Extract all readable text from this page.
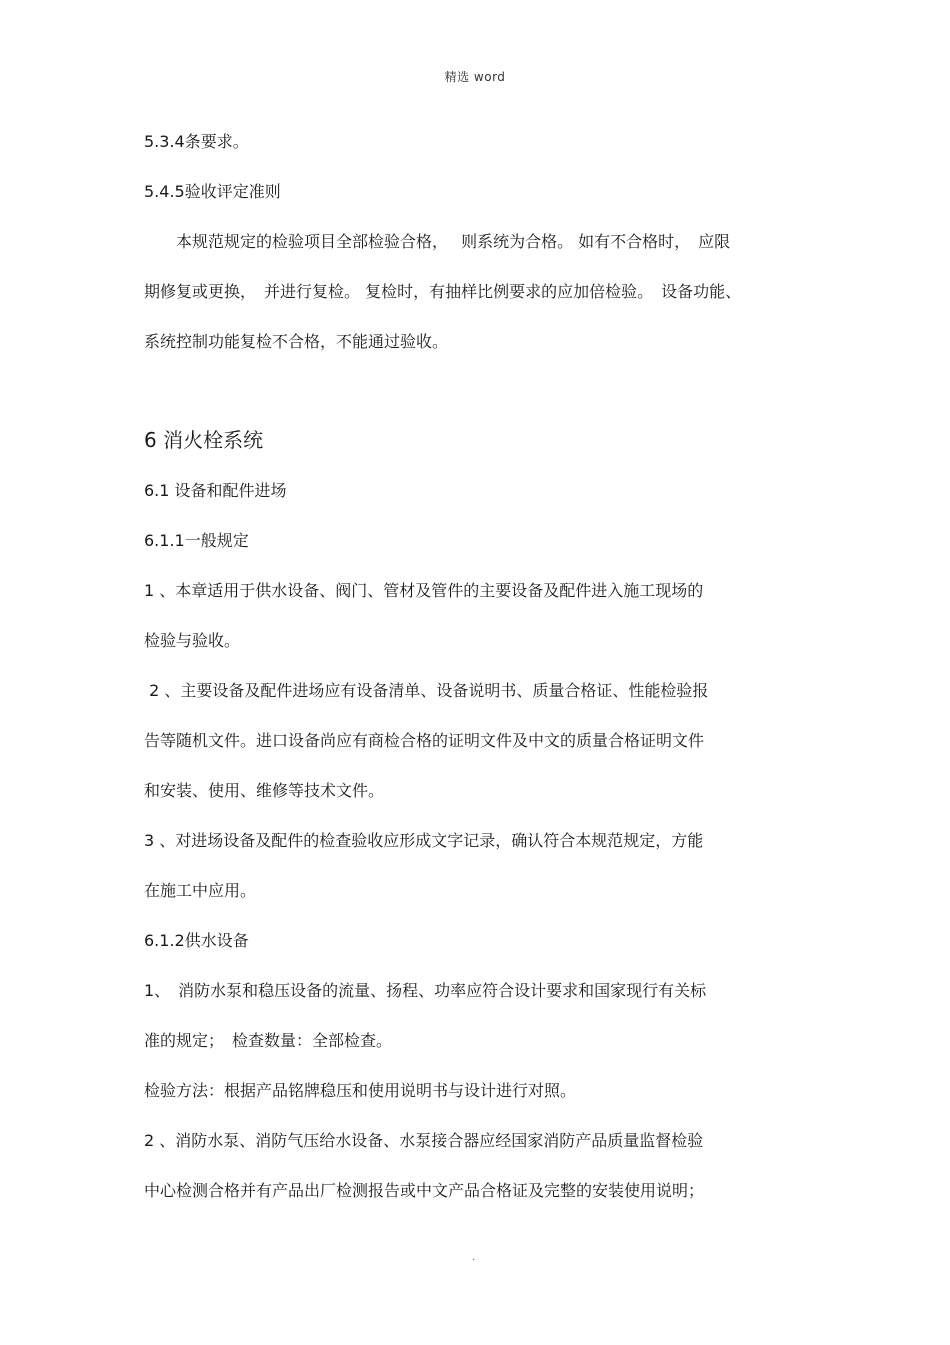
精选 word
5.3.4条要求。
5.4.5验收评定准则
　　本规范规定的检验项目全部检验合格，　 则系统为合格。 如有不合格时，　应限
期修复或更换，　并进行复检。 复检时，有抽样比例要求的应加倍检验。　设备功能、
系统控制功能复检不合格，不能通过验收。
6 消火栓系统
6.1 设备和配件进场
6.1.1一般规定
1 、本章适用于供水设备、阀门、管材及管件的主要设备及配件进入施工现场的
检验与验收。
2 、主要设备及配件进场应有设备清单、设备说明书、质量合格证、性能检验报
告等随机文件。进口设备尚应有商检合格的证明文件及中文的质量合格证明文件
和安装、使用、维修等技术文件。
3 、对进场设备及配件的检查验收应形成文字记录，确认符合本规范规定，方能
在施工中应用。
6.1.2供水设备
1、　消防水泵和稳压设备的流量、扬程、功率应符合设计要求和国家现行有关标
准的规定；　检查数量：全部检查。
检验方法：根据产品铭牌稳压和使用说明书与设计进行对照。
2 、消防水泵、消防气压给水设备、水泵接合器应经国家消防产品质量监督检验
中心检测合格并有产品出厂检测报告或中文产品合格证及完整的安装使用说明；
.
